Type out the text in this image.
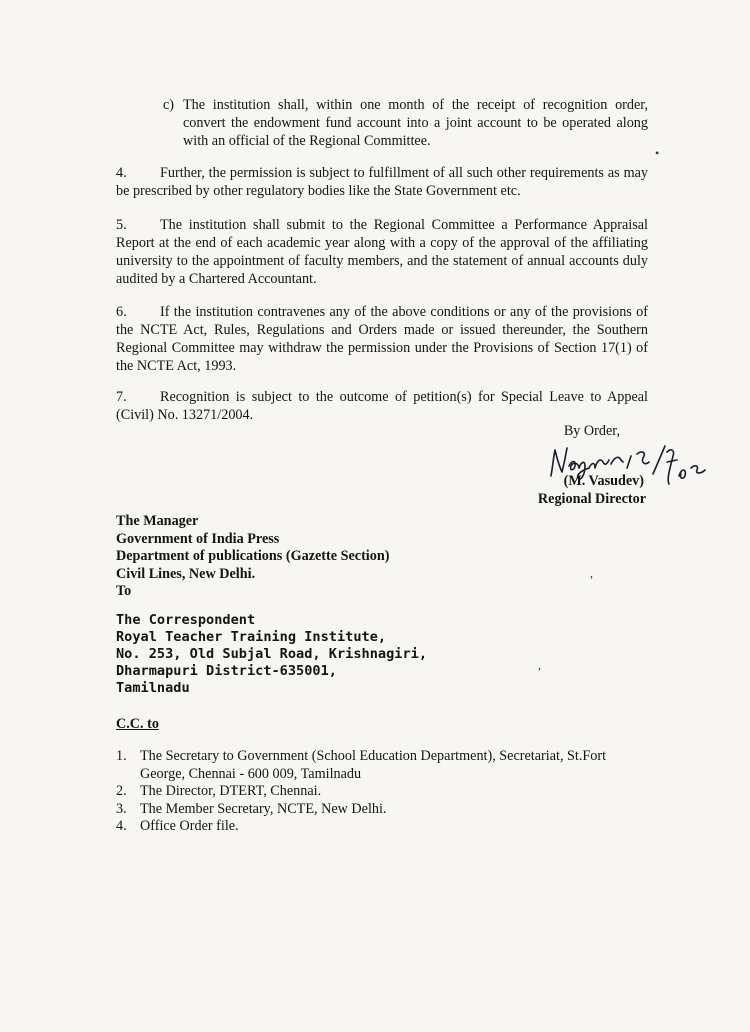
c) The institution shall, within one month of the receipt of recognition order, convert the endowment fund account into a joint account to be operated along with an official of the Regional Committee.
4. Further, the permission is subject to fulfillment of all such other requirements as may be prescribed by other regulatory bodies like the State Government etc.
5. The institution shall submit to the Regional Committee a Performance Appraisal Report at the end of each academic year along with a copy of the approval of the affiliating university to the appointment of faculty members, and the statement of annual accounts duly audited by a Chartered Accountant.
6. If the institution contravenes any of the above conditions or any of the provisions of the NCTE Act, Rules, Regulations and Orders made or issued thereunder, the Southern Regional Committee may withdraw the permission under the Provisions of Section 17(1) of the NCTE Act, 1993.
7. Recognition is subject to the outcome of petition(s) for Special Leave to Appeal (Civil) No. 13271/2004.
By Order,
(M. Vasudev)
Regional Director
The Manager
Government of India Press
Department of publications (Gazette Section)
Civil Lines, New Delhi.
To
The Correspondent
Royal Teacher Training Institute,
No. 253, Old Subjal Road, Krishnagiri,
Dharmapuri District-635001,
Tamilnadu
C.C. to
1. The Secretary to Government (School Education Department), Secretariat, St.Fort George, Chennai - 600 009, Tamilnadu
2. The Director, DTERT, Chennai.
3. The Member Secretary, NCTE, New Delhi.
4. Office Order file.
•
,
,
